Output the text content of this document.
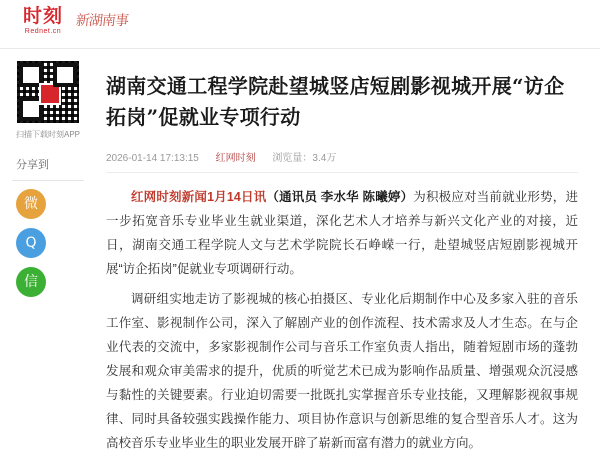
时刻
Rednet.cn
新湖南事
扫描下载时刻APP
分享到
微
Q
信
湖南交通工程学院赴望城竖店短剧影视城开展“访企拓岗”促就业专项行动
2026-01-14 17:13:15 红网时刻 浏览量：3.4万

红网时刻新闻1月14日讯（通讯员 李水华 陈曦婷）为积极应对当前就业形势，进一步拓宽音乐专业毕业生就业渠道，深化艺术人才培养与新兴文化产业的对接，近日，湖南交通工程学院人文与艺术学院院长石峥嵘一行，赴望城竖店短剧影视城开展“访企拓岗”促就业专项调研行动。

调研组实地走访了影视城的核心拍摄区、专业化后期制作中心及多家入驻的音乐工作室、影视制作公司，深入了解剧产业的创作流程、技术需求及人才生态。在与企业代表的交流中，多家影视制作公司与音乐工作室负责人指出，随着短剧市场的蓬勃发展和观众审美需求的提升，优质的听觉艺术已成为影响作品质量、增强观众沉浸感与黏性的关键要素。行业迫切需要一批既扎实掌握音乐专业技能，又理解影视叙事规律、同时具备较强实践操作能力、项目协作意识与创新思维的复合型音乐人才。这为高校音乐专业毕业生的职业发展开辟了崭新而富有潜力的就业方向。
